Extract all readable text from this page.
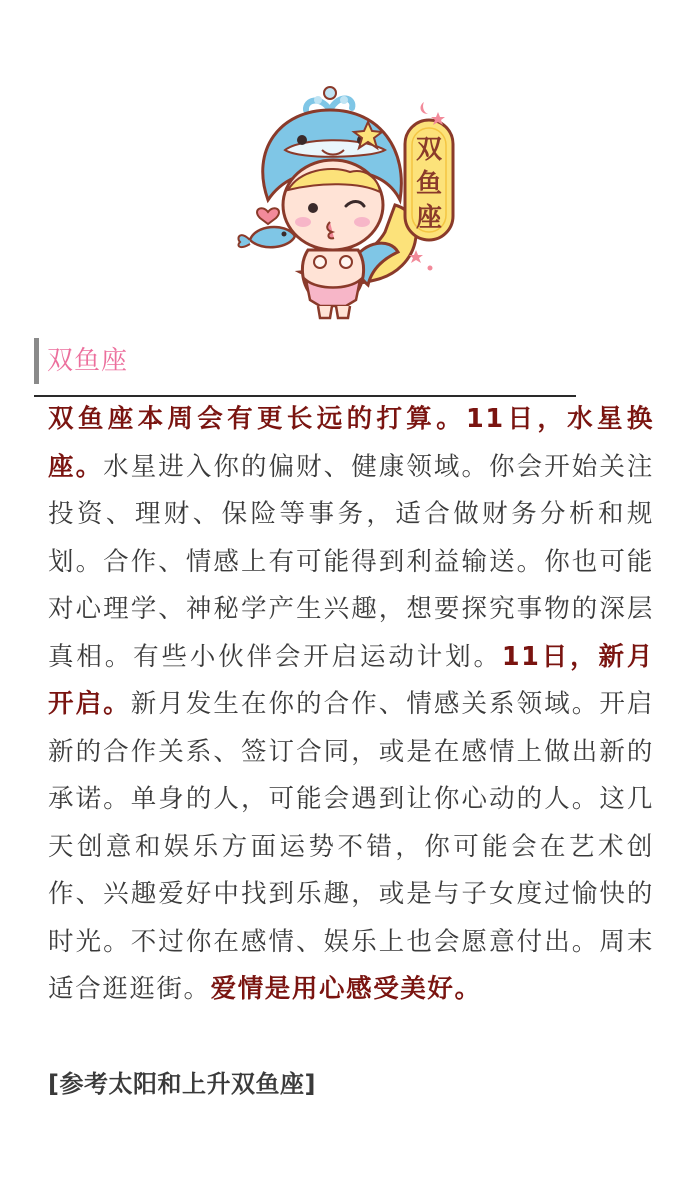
双
鱼
座
双鱼座

双鱼座本周会有更长远的打算。11日，水星换座。水星进入你的偏财、健康领域。你会开始关注投资、理财、保险等事务，适合做财务分析和规划。合作、情感上有可能得到利益输送。你也可能对心理学、神秘学产生兴趣，想要探究事物的深层真相。有些小伙伴会开启运动计划。11日，新月开启。新月发生在你的合作、情感关系领域。开启新的合作关系、签订合同，或是在感情上做出新的承诺。单身的人，可能会遇到让你心动的人。这几天创意和娱乐方面运势不错，你可能会在艺术创作、兴趣爱好中找到乐趣，或是与子女度过愉快的时光。不过你在感情、娱乐上也会愿意付出。周末适合逛逛街。爱情是用心感受美好。

[参考太阳和上升双鱼座]
